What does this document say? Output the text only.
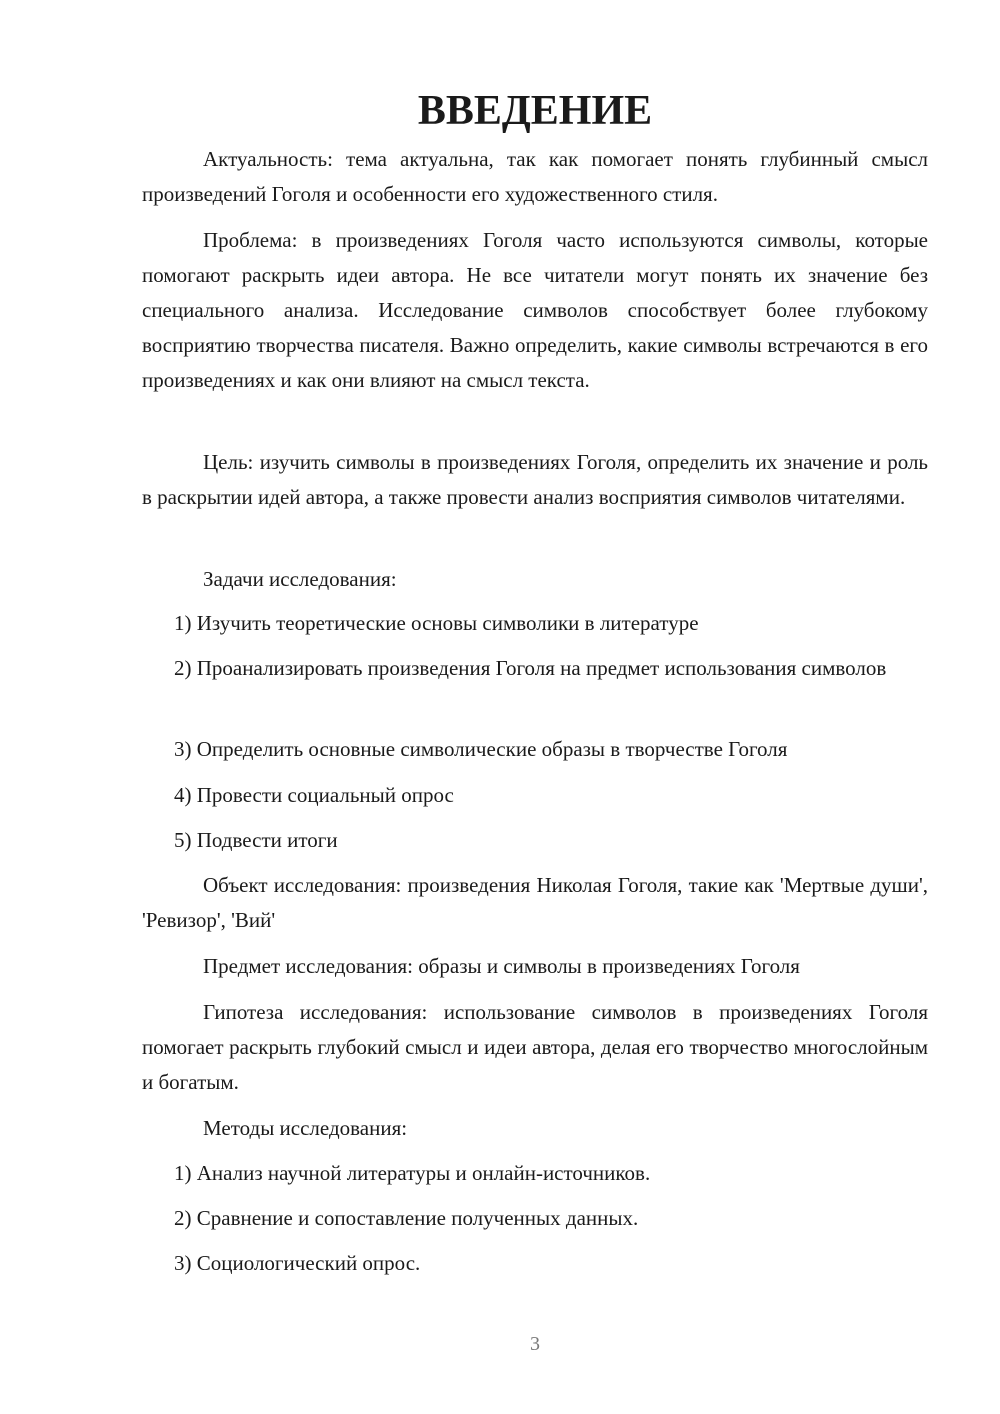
ВВЕДЕНИЕ

Актуальность: тема актуальна, так как помогает понять глубинный смысл произведений Гоголя и особенности его художественного стиля.

Проблема: в произведениях Гоголя часто используются символы, которые помогают раскрыть идеи автора. Не все читатели могут понять их значение без специального анализа. Исследование символов способствует более глубокому восприятию творчества писателя. Важно определить, какие символы встречаются в его произведениях и как они влияют на смысл текста.

Цель: изучить символы в произведениях Гоголя, определить их значение и роль в раскрытии идей автора, а также провести анализ восприятия символов читателями.

Задачи исследования:

1) Изучить теоретические основы символики в литературе

2) Проанализировать произведения Гоголя на предмет использования символов

3) Определить основные символические образы в творчестве Гоголя

4) Провести социальный опрос

5) Подвести итоги

Объект исследования: произведения Николая Гоголя, такие как 'Мертвые души', 'Ревизор', 'Вий'

Предмет исследования: образы и символы в произведениях Гоголя

Гипотеза исследования: использование символов в произведениях Гоголя помогает раскрыть глубокий смысл и идеи автора, делая его творчество многослойным и богатым.

Методы исследования:

1) Анализ научной литературы и онлайн-источников.

2) Сравнение и сопоставление полученных данных.

3) Социологический опрос.

3
